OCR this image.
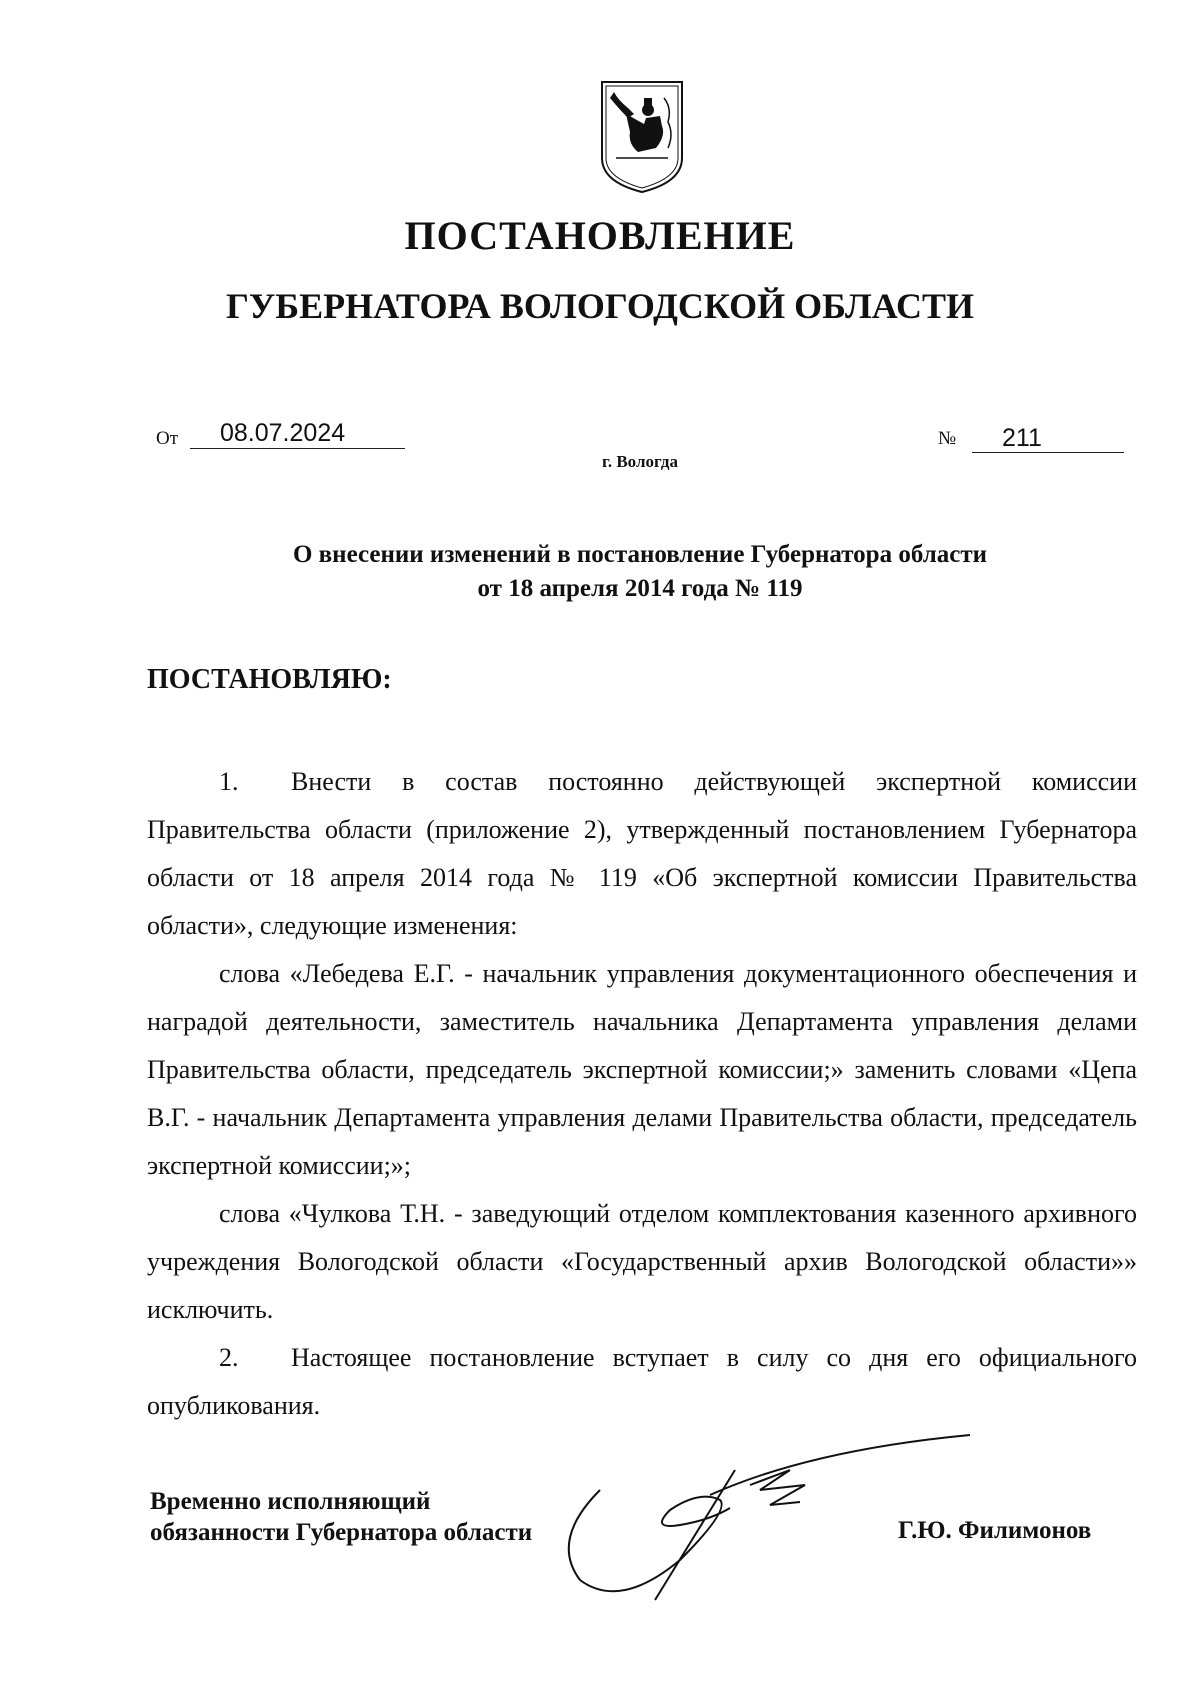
ПОСТАНОВЛЕНИЕ
ГУБЕРНАТОРА ВОЛОГОДСКОЙ ОБЛАСТИ
От	08.07.2024	№	211
г. Вологда
О внесении изменений в постановление Губернатора области
от 18 апреля 2014 года № 119
ПОСТАНОВЛЯЮ:

1. Внести в состав постоянно действующей экспертной комиссии Правительства области (приложение 2), утвержденный постановлением Губернатора области от 18 апреля 2014 года № 119 «Об экспертной комиссии Правительства области», следующие изменения:

слова «Лебедева Е.Г. - начальник управления документационного обеспечения и наградой деятельности, заместитель начальника Департамента управления делами Правительства области, председатель экспертной комиссии;» заменить словами «Цепа В.Г. - начальник Департамента управления делами Правительства области, председатель экспертной комиссии;»;

слова «Чулкова Т.Н. - заведующий отделом комплектования казенного архивного учреждения Вологодской области «Государственный архив Вологодской области»» исключить.

2. Настоящее постановление вступает в силу со дня его официального опубликования.

Временно исполняющий
обязанности Губернатора области	Г.Ю. Филимонов
